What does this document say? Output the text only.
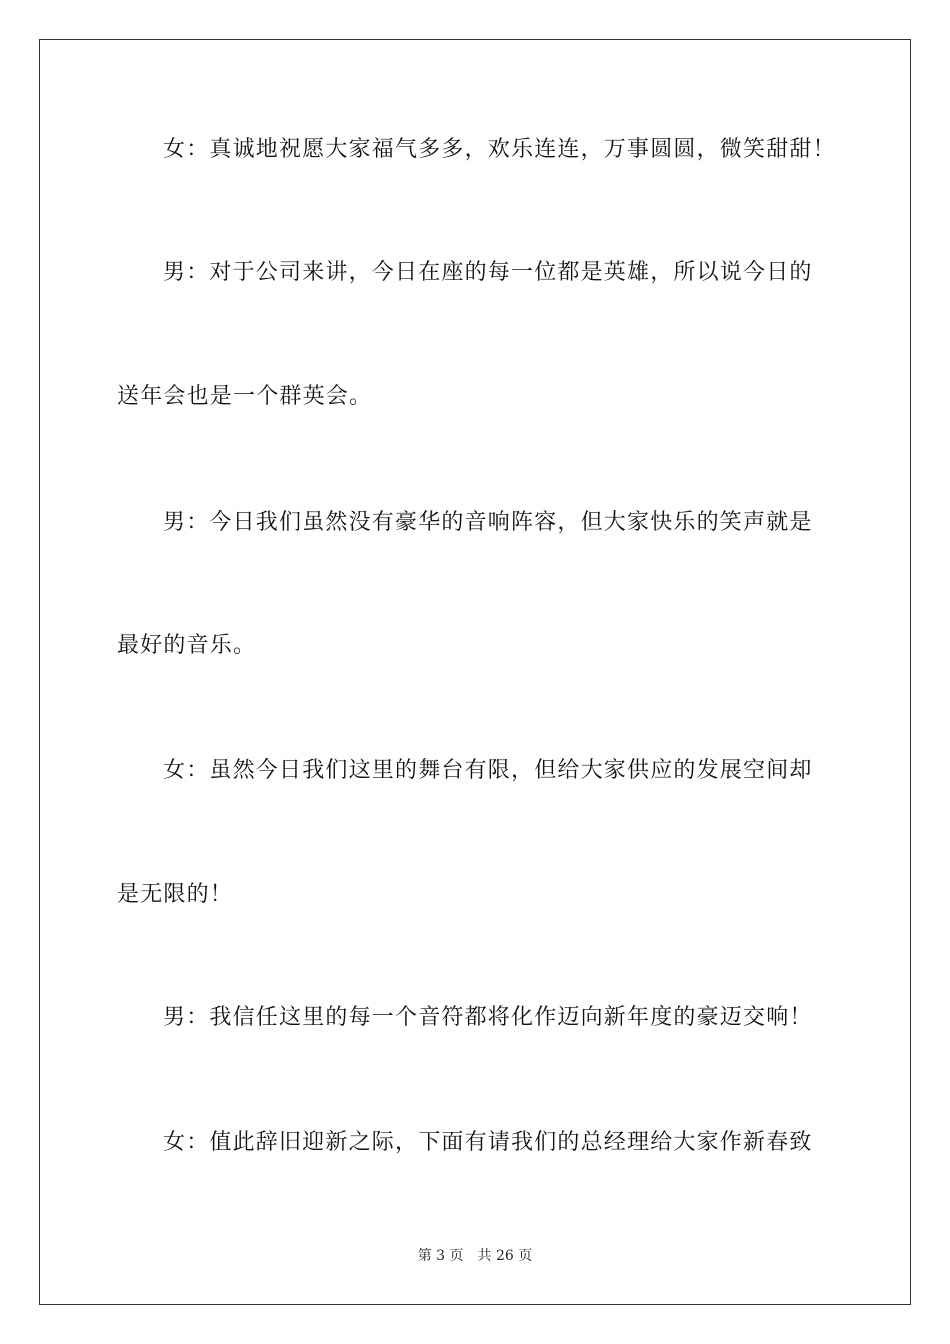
女：真诚地祝愿大家福气多多，欢乐连连，万事圆圆，微笑甜甜！
男：对于公司来讲，今日在座的每一位都是英雄，所以说今日的
送年会也是一个群英会。
男：今日我们虽然没有豪华的音响阵容，但大家快乐的笑声就是
最好的音乐。
女：虽然今日我们这里的舞台有限，但给大家供应的发展空间却
是无限的！
男：我信任这里的每一个音符都将化作迈向新年度的豪迈交响！
女：值此辞旧迎新之际，下面有请我们的总经理给大家作新春致
第 3 页 共 26 页
